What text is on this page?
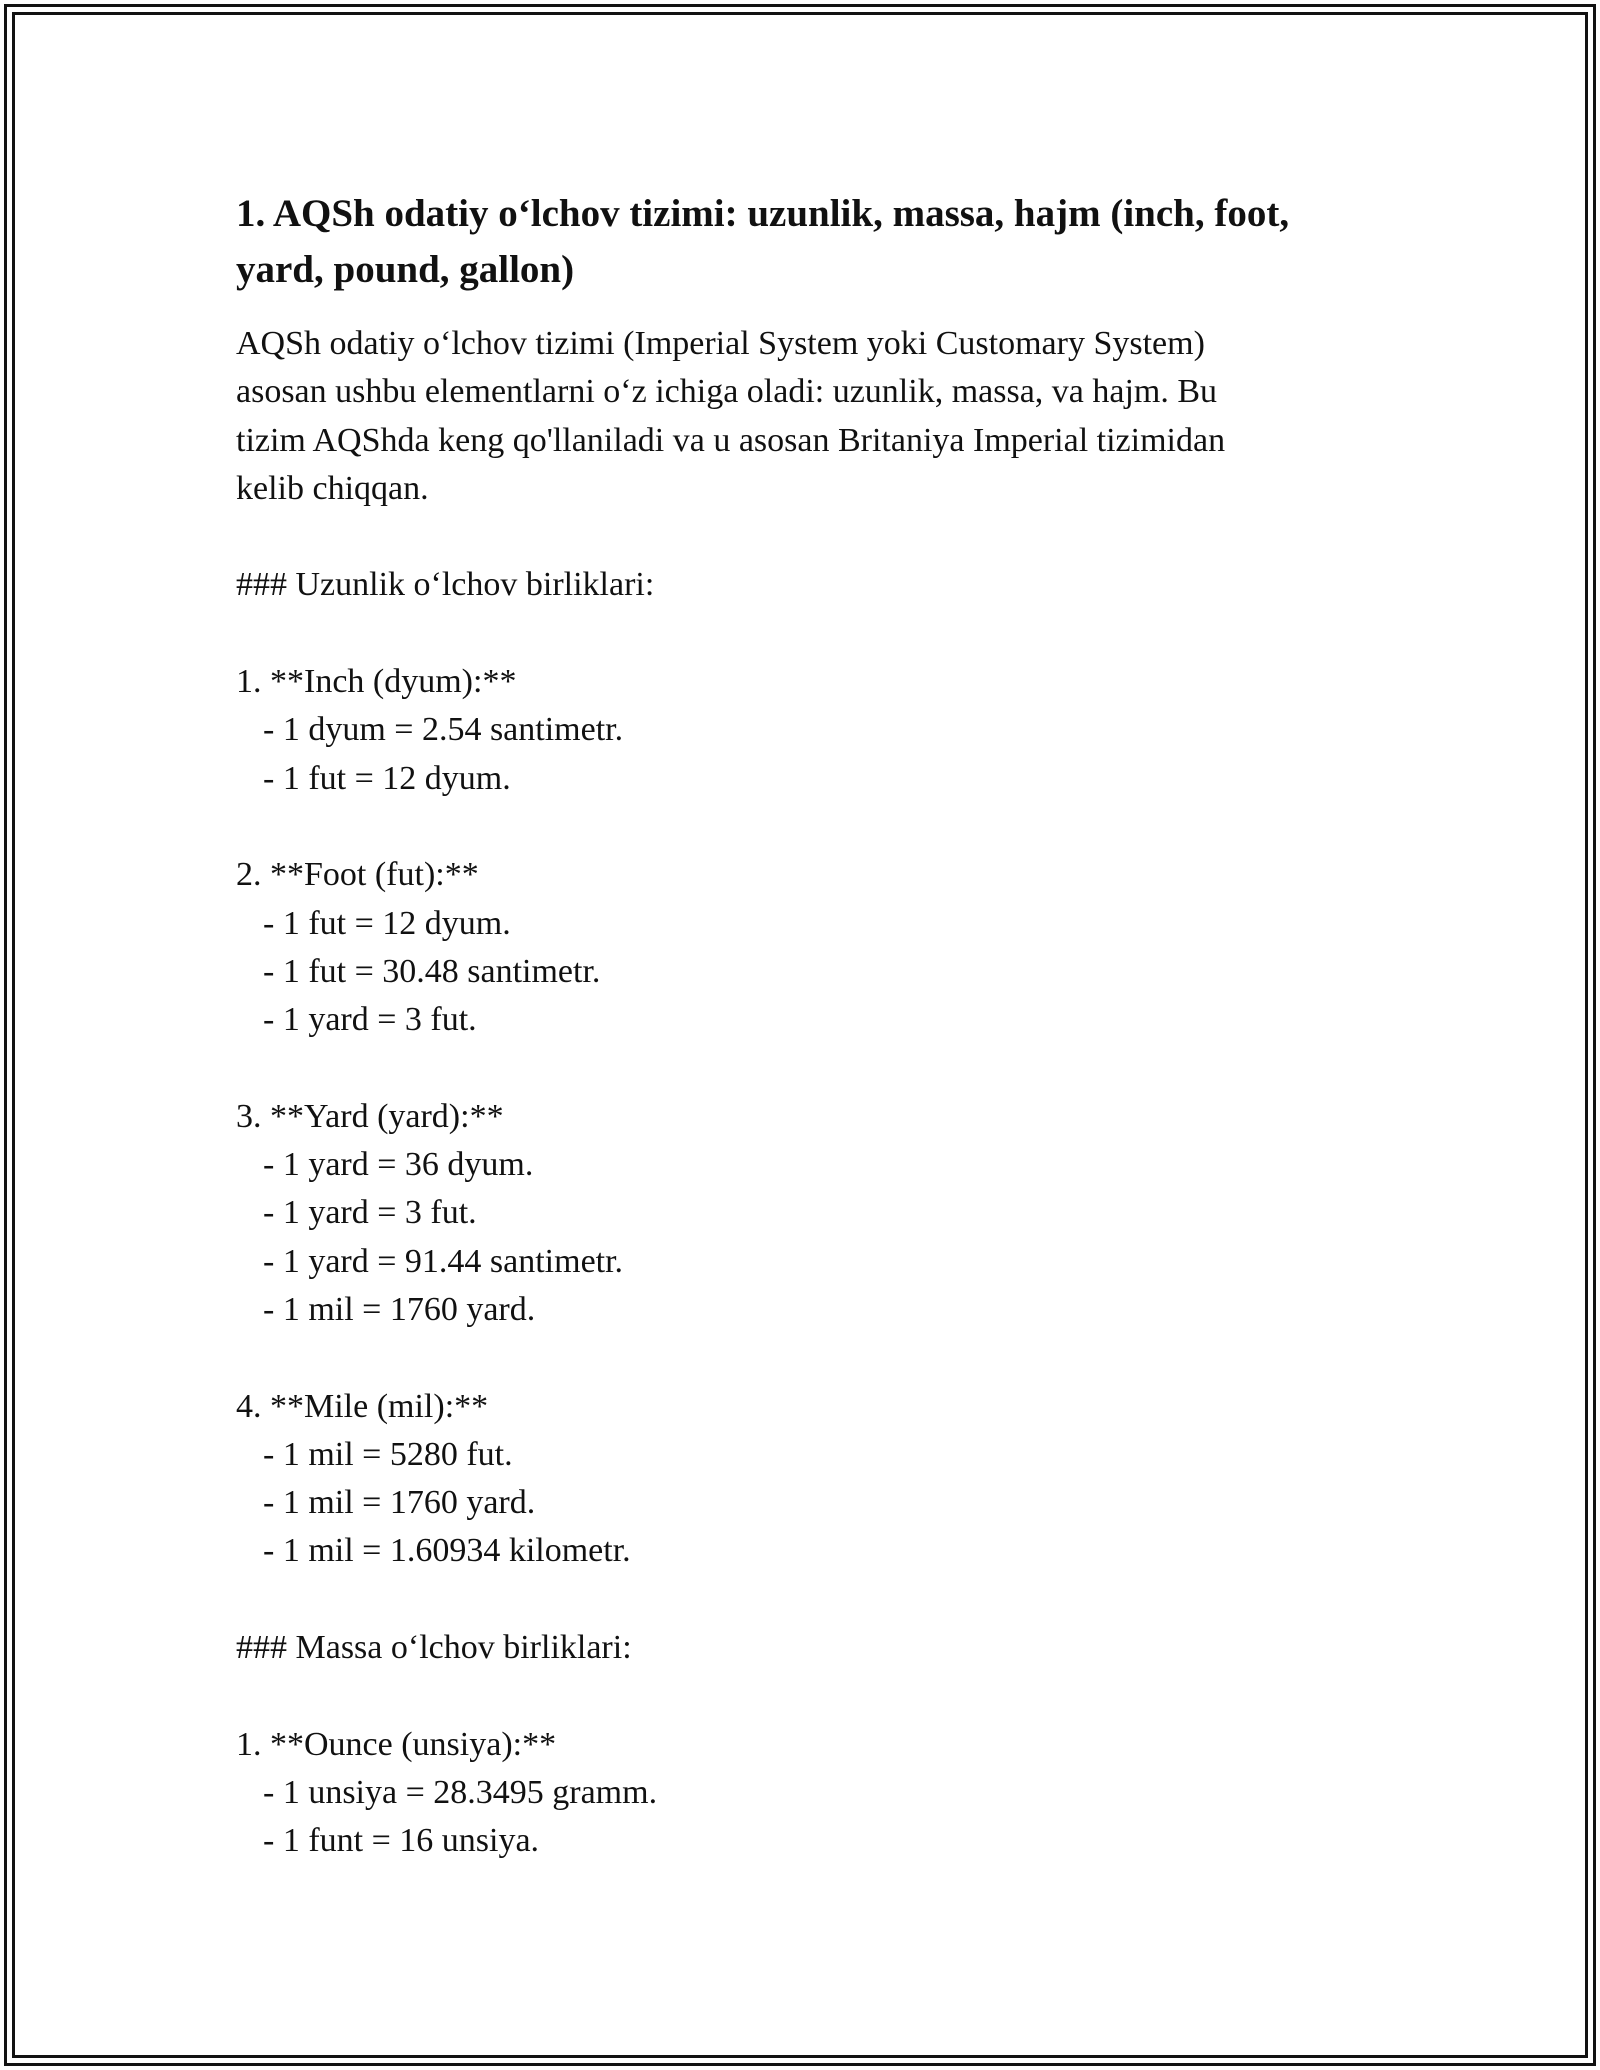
1. AQSh odatiy o‘lchov tizimi: uzunlik, massa, hajm (inch, foot, yard, pound, gallon)

AQSh odatiy o‘lchov tizimi (Imperial System yoki Customary System)

asosan ushbu elementlarni o‘z ichiga oladi: uzunlik, massa, va hajm. Bu

tizim AQShda keng qo'llaniladi va u asosan Britaniya Imperial tizimidan

kelib chiqqan.

### Uzunlik o‘lchov birliklari:

1. **Inch (dyum):**

- 1 dyum = 2.54 santimetr.

- 1 fut = 12 dyum.

2. **Foot (fut):**

- 1 fut = 12 dyum.

- 1 fut = 30.48 santimetr.

- 1 yard = 3 fut.

3. **Yard (yard):**

- 1 yard = 36 dyum.

- 1 yard = 3 fut.

- 1 yard = 91.44 santimetr.

- 1 mil = 1760 yard.

4. **Mile (mil):**

- 1 mil = 5280 fut.

- 1 mil = 1760 yard.

- 1 mil = 1.60934 kilometr.

### Massa o‘lchov birliklari:

1. **Ounce (unsiya):**

- 1 unsiya = 28.3495 gramm.

- 1 funt = 16 unsiya.
